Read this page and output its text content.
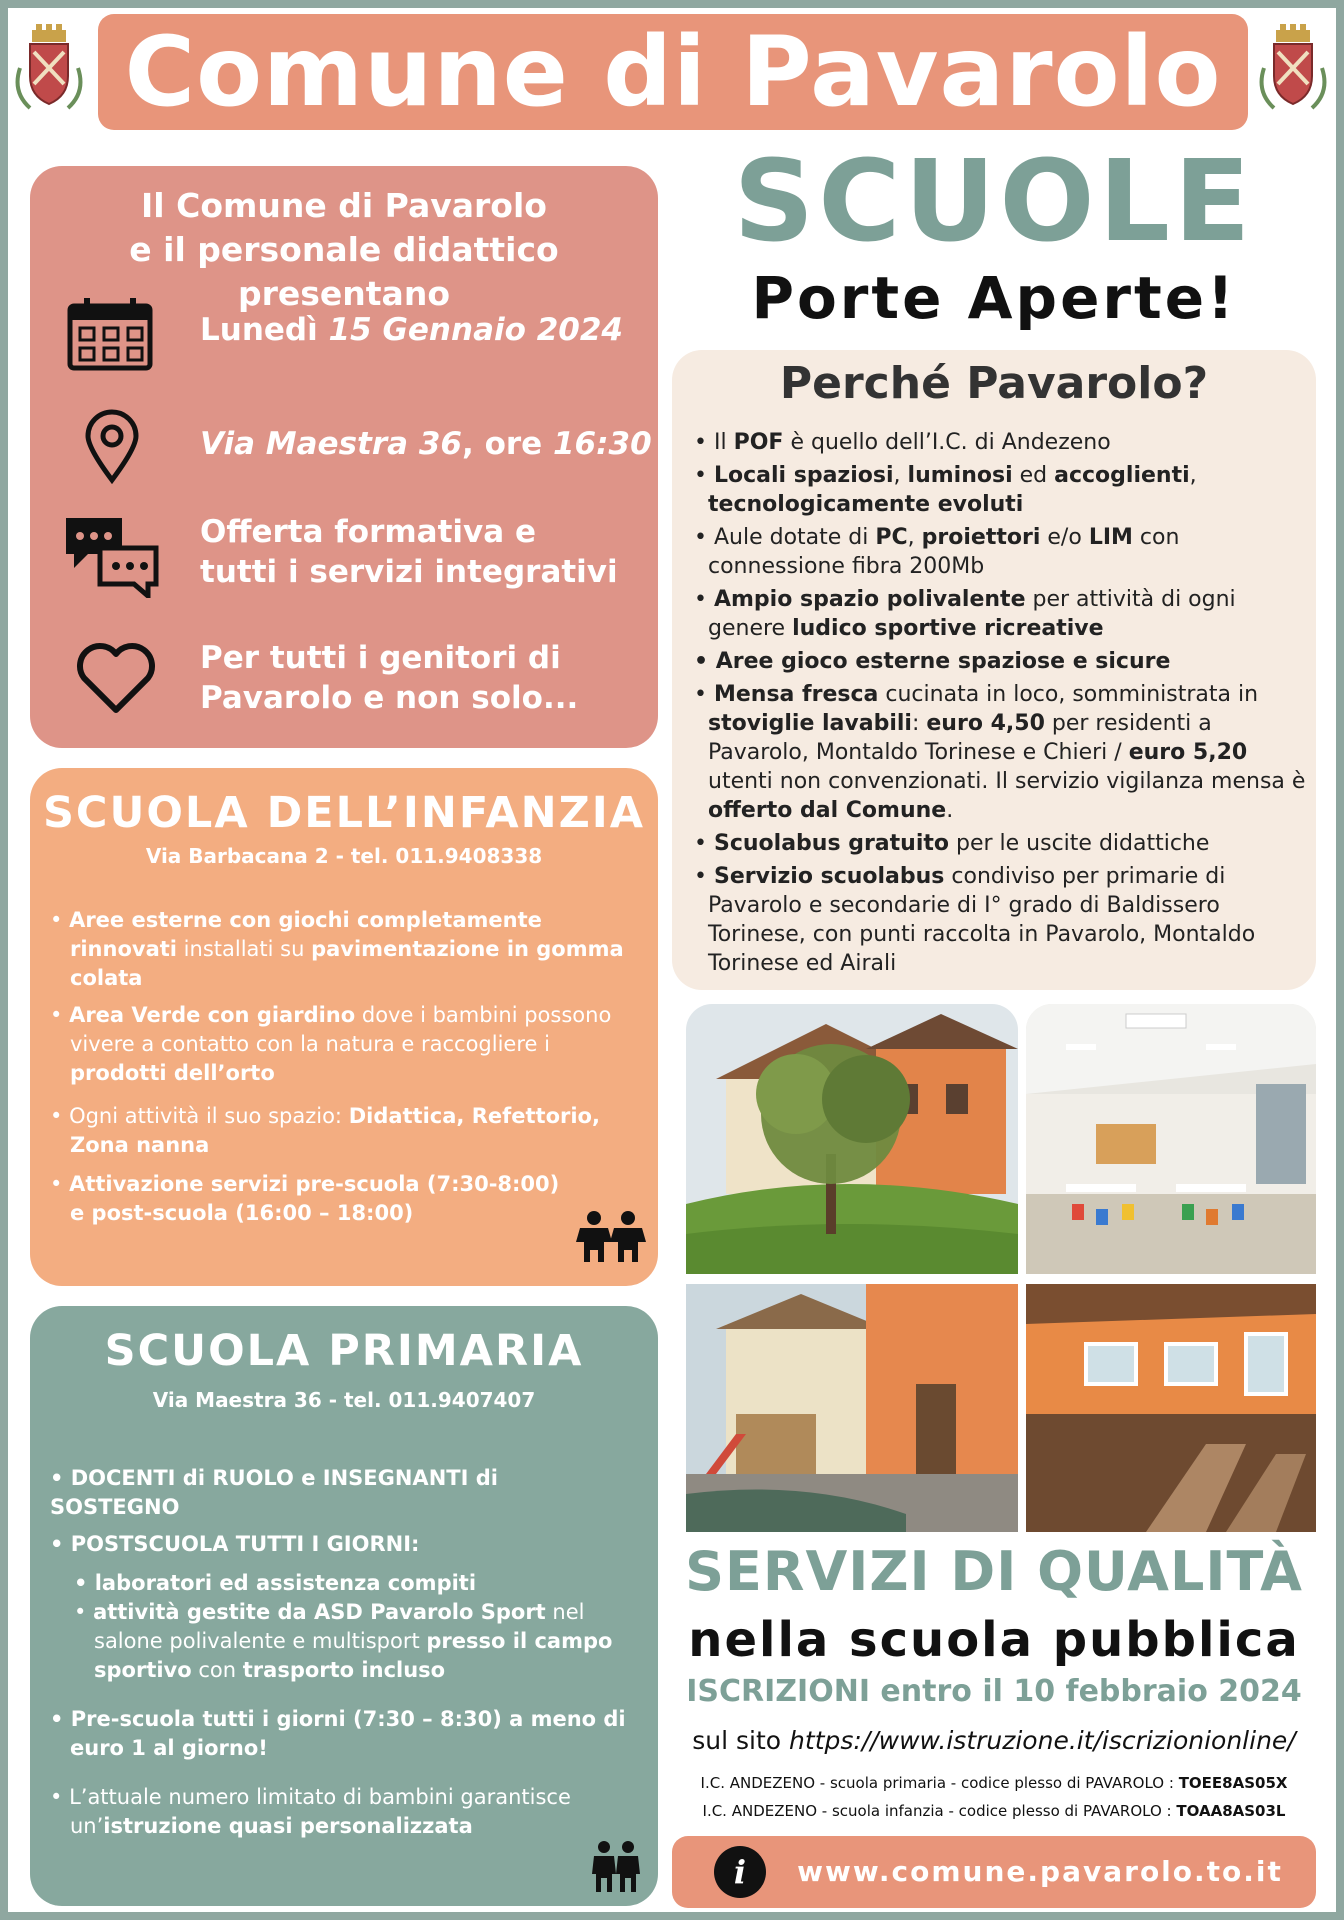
Comune di Pavarolo
Il Comune di Pavarolo
e il personale didattico presentano
Lunedì 15 Gennaio 2024
Via Maestra 36, ore 16:30
Offerta formativa e
tutti i servizi integrativi
Per tutti i genitori di
Pavarolo e non solo...
SCUOLA DELL’INFANZIA
Via Barbacana 2 - tel. 011.9408338
• Aree esterne con giochi completamente rinnovati installati su pavimentazione in gomma colata
• Area Verde con giardino dove i bambini possono vivere a contatto con la natura e raccogliere i prodotti dell’orto
• Ogni attività il suo spazio: Didattica, Refettorio, Zona nanna
• Attivazione servizi pre-scuola (7:30-8:00)
e post-scuola (16:00 – 18:00)
SCUOLA PRIMARIA
Via Maestra 36 - tel. 011.9407407
• DOCENTI di RUOLO e INSEGNANTI di SOSTEGNO
• POSTSCUOLA TUTTI I GIORNI:
• laboratori ed assistenza compiti
• attività gestite da ASD Pavarolo Sport nel salone polivalente e multisport presso il campo sportivo con trasporto incluso
• Pre-scuola tutti i giorni (7:30 – 8:30) a meno di
euro 1 al giorno!
• L’attuale numero limitato di bambini garantisce un’istruzione quasi personalizzata
SCUOLE
Porte Aperte!
Perché Pavarolo?
• Il POF è quello dell’I.C. di Andezeno
• Locali spaziosi, luminosi ed accoglienti, tecnologicamente evoluti
• Aule dotate di PC, proiettori e/o LIM con connessione fibra 200Mb
• Ampio spazio polivalente per attività di ogni genere ludico sportive ricreative
• Aree gioco esterne spaziose e sicure
• Mensa fresca cucinata in loco, somministrata in stoviglie lavabili: euro 4,50 per residenti a Pavarolo, Montaldo Torinese e Chieri / euro 5,20 utenti non convenzionati. Il servizio vigilanza mensa è offerto dal Comune.
• Scuolabus gratuito per le uscite didattiche
• Servizio scuolabus condiviso per primarie di Pavarolo e secondarie di I° grado di Baldissero Torinese, con punti raccolta in Pavarolo, Montaldo Torinese ed Airali
SERVIZI DI QUALITÀ
nella scuola pubblica
ISCRIZIONI entro il 10 febbraio 2024
sul sito https://www.istruzione.it/iscrizionionline/
I.C. ANDEZENO - scuola primaria - codice plesso di PAVAROLO : TOEE8AS05X
I.C. ANDEZENO - scuola infanzia - codice plesso di PAVAROLO : TOAA8AS03L
i	www.comune.pavarolo.to.it
